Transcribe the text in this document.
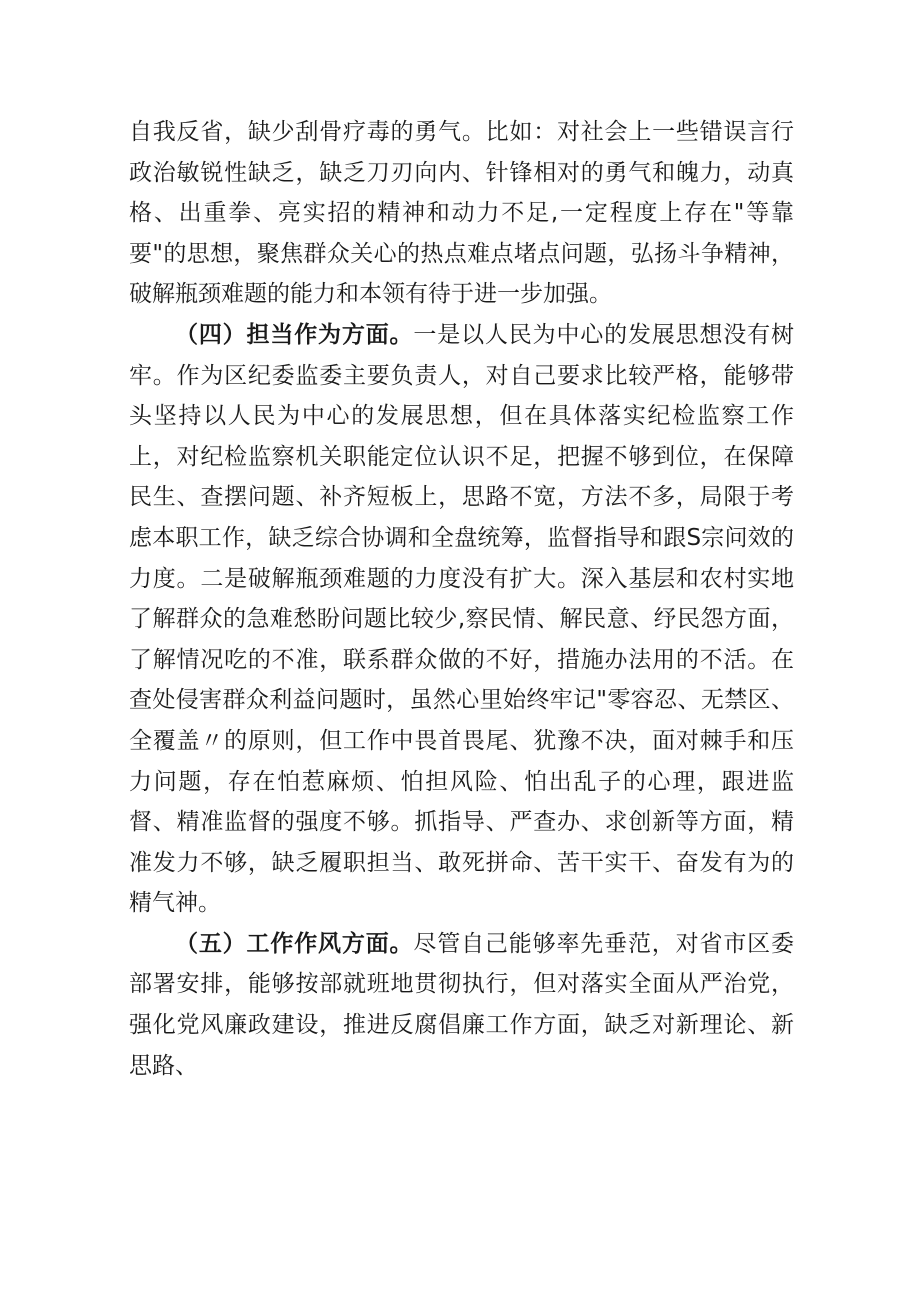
自我反省，缺少刮骨疗毒的勇气。比如：对社会上一些错误言行政治敏锐性缺乏，缺乏刀刃向内、针锋相对的勇气和魄力，动真格、出重拳、亮实招的精神和动力不足,一定程度上存在"等靠要"的思想，聚焦群众关心的热点难点堵点问题，弘扬斗争精神，破解瓶颈难题的能力和本领有待于进一步加强。

（四）担当作为方面。一是以人民为中心的发展思想没有树牢。作为区纪委监委主要负责人，对自己要求比较严格，能够带头坚持以人民为中心的发展思想，但在具体落实纪检监察工作上，对纪检监察机关职能定位认识不足，把握不够到位，在保障民生、查摆问题、补齐短板上，思路不宽，方法不多，局限于考虑本职工作，缺乏综合协调和全盘统筹，监督指导和跟S宗问效的力度。二是破解瓶颈难题的力度没有扩大。深入基层和农村实地了解群众的急难愁盼问题比较少,察民情、解民意、纾民怨方面，了解情况吃的不准，联系群众做的不好，措施办法用的不活。在查处侵害群众利益问题时，虽然心里始终牢记"零容忍、无禁区、全覆盖〃的原则，但工作中畏首畏尾、犹豫不决，面对棘手和压力问题，存在怕惹麻烦、怕担风险、怕出乱子的心理，跟进监督、精准监督的强度不够。抓指导、严查办、求创新等方面，精准发力不够，缺乏履职担当、敢死拼命、苦干实干、奋发有为的精气神。

（五）工作作风方面。尽管自己能够率先垂范，对省市区委部署安排，能够按部就班地贯彻执行，但对落实全面从严治党，强化党风廉政建设，推进反腐倡廉工作方面，缺乏对新理论、新思路、
